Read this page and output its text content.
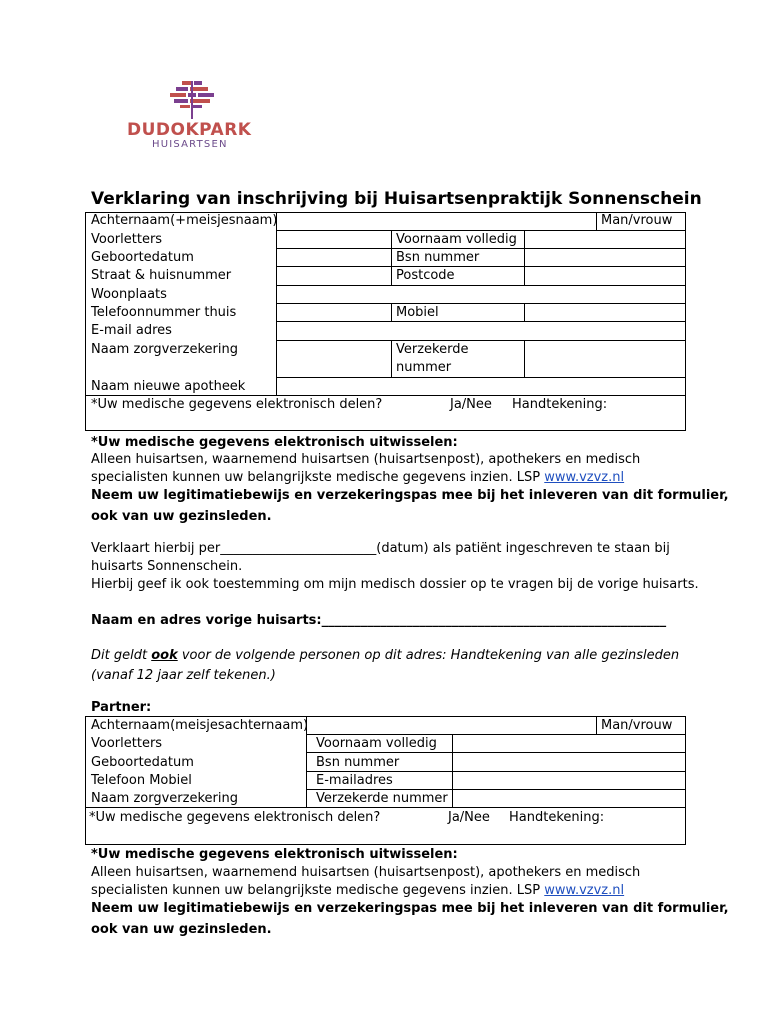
DUDOKPARK
HUISARTSEN
Verklaring van inschrijving bij Huisartsenpraktijk Sonnenschein
Achternaam(+meisjesnaam)	Man/vrouw
Voorletters	Voornaam volledig
Geboortedatum	Bsn nummer
Straat & huisnummer	Postcode
Woonplaats
Telefoonnummer thuis	Mobiel
E-mail adres
Naam zorgverzekering	Verzekerde
nummer
Naam nieuwe apotheek
*Uw medische gegevens elektronisch delen?	Ja/Nee Handtekening:
*Uw medische gegevens elektronisch uitwisselen:
Alleen huisartsen, waarnemend huisartsen (huisartsenpost), apothekers en medisch
specialisten kunnen uw belangrijkste medische gegevens inzien. LSP www.vzvz.nl
Neem uw legitimatiebewijs en verzekeringspas mee bij het inleveren van dit formulier,
ook van uw gezinsleden.
Verklaart hierbij per________________________(datum) als patiënt ingeschreven te staan bij
huisarts Sonnenschein.
Hierbij geef ik ook toestemming om mijn medisch dossier op te vragen bij de vorige huisarts.
Naam en adres vorige huisarts:_____________________________________________________
Dit geldt ook voor de volgende personen op dit adres: Handtekening van alle gezinsleden
(vanaf 12 jaar zelf tekenen.)
Partner:
Achternaam(meisjesachternaam)	Man/vrouw
Voorletters	Voornaam volledig
Geboortedatum	Bsn nummer
Telefoon Mobiel	E-mailadres
Naam zorgverzekering	Verzekerde nummer
*Uw medische gegevens elektronisch delen?	Ja/Nee Handtekening:
*Uw medische gegevens elektronisch uitwisselen:
Alleen huisartsen, waarnemend huisartsen (huisartsenpost), apothekers en medisch
specialisten kunnen uw belangrijkste medische gegevens inzien. LSP www.vzvz.nl
Neem uw legitimatiebewijs en verzekeringspas mee bij het inleveren van dit formulier,
ook van uw gezinsleden.
